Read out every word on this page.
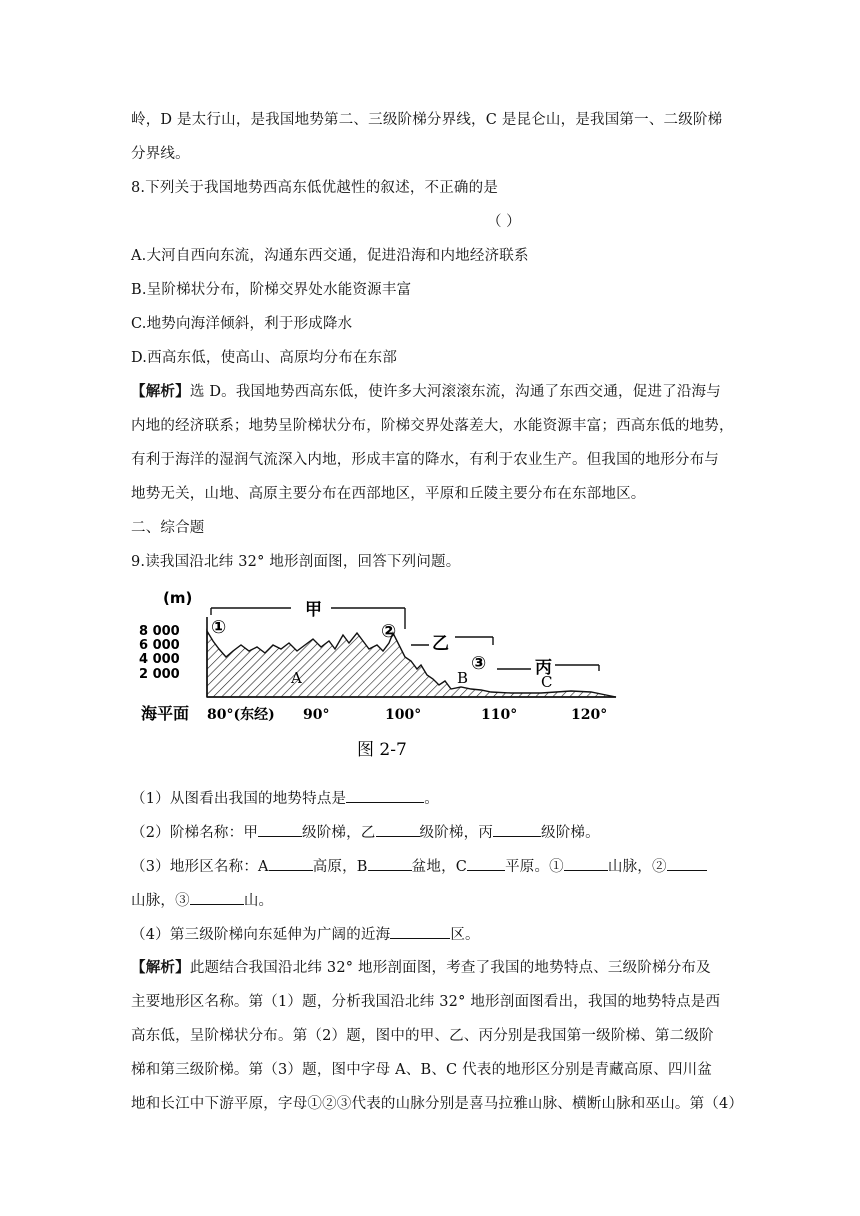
岭，D 是太行山，是我国地势第二、三级阶梯分界线，C 是昆仑山，是我国第一、二级阶梯
分界线。
8.下列关于我国地势西高东低优越性的叙述，不正确的是
（ ）
A.大河自西向东流，沟通东西交通，促进沿海和内地经济联系
B.呈阶梯状分布，阶梯交界处水能资源丰富
C.地势向海洋倾斜，利于形成降水
D.西高东低，使高山、高原均分布在东部
【解析】选 D。我国地势西高东低，使许多大河滚滚东流，沟通了东西交通，促进了沿海与
内地的经济联系；地势呈阶梯状分布，阶梯交界处落差大，水能资源丰富；西高东低的地势，
有利于海洋的湿润气流深入内地，形成丰富的降水，有利于农业生产。但我国的地形分布与
地势无关，山地、高原主要分布在西部地区，平原和丘陵主要分布在东部地区。
二、综合题
9.读我国沿北纬 32° 地形剖面图，回答下列问题。
(m)
8 000
6 000
4 000
2 000
甲
乙
丙
①	②
③
A	B	C
海平面 80°(东经) 90°	100°	110°	120°
图 2-7
（1）从图看出我国的地势特点是	。
（2）阶梯名称：甲	级阶梯，乙	级阶梯，丙	级阶梯。
（3）地形区名称：A	高原，B	盆地，C	平原。①	山脉，②
山脉，③	山。
（4）第三级阶梯向东延伸为广阔的近海	区。
【解析】此题结合我国沿北纬 32° 地形剖面图，考查了我国的地势特点、三级阶梯分布及
主要地形区名称。第（1）题，分析我国沿北纬 32° 地形剖面图看出，我国的地势特点是西
高东低，呈阶梯状分布。第（2）题，图中的甲、乙、丙分别是我国第一级阶梯、第二级阶
梯和第三级阶梯。第（3）题，图中字母 A、B、C 代表的地形区分别是青藏高原、四川盆
地和长江中下游平原，字母①②③代表的山脉分别是喜马拉雅山脉、横断山脉和巫山。第（4）
